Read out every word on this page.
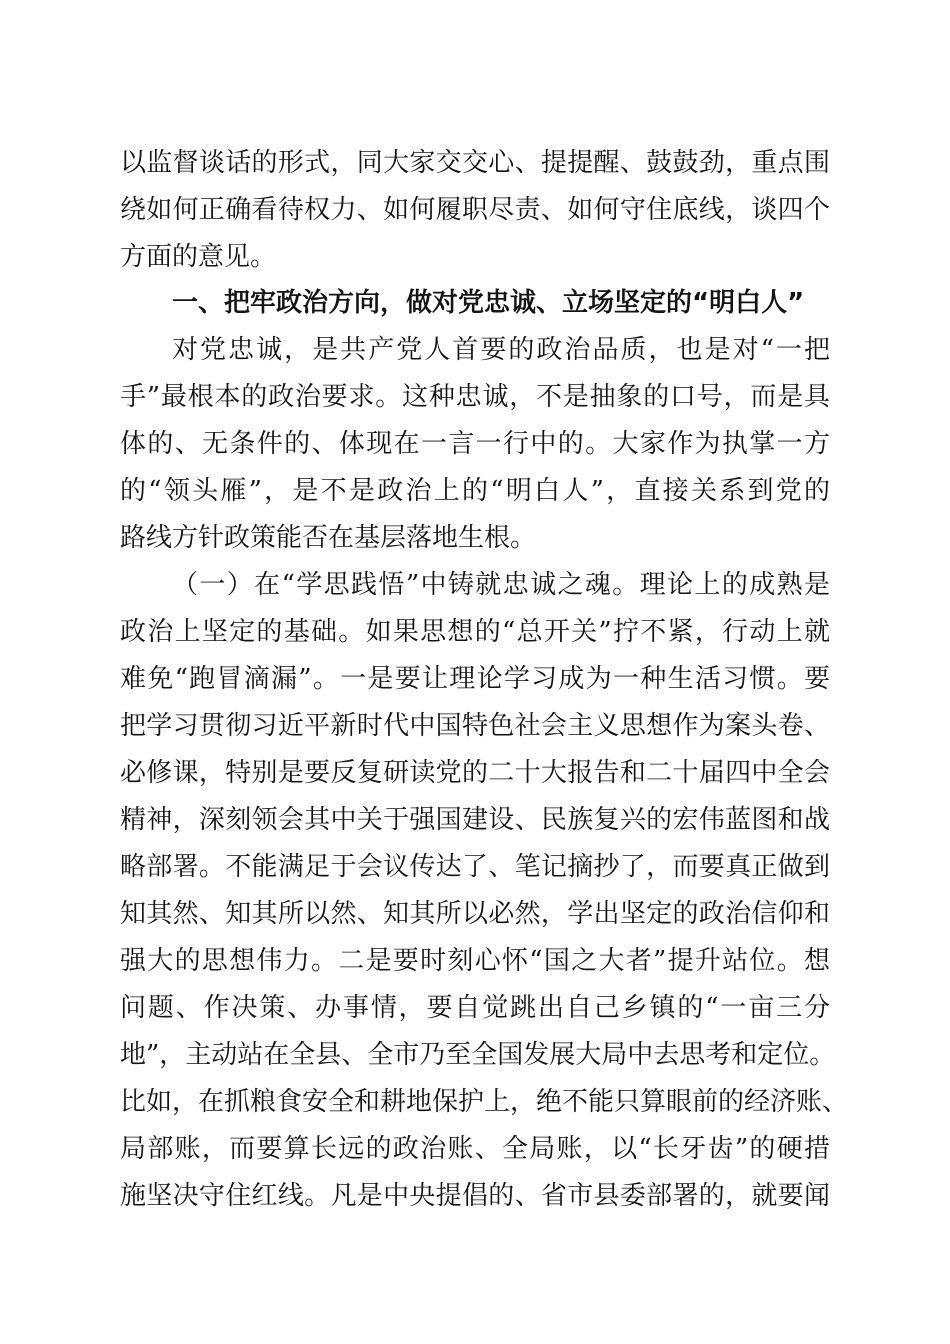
以监督谈话的形式，同大家交交心、提提醒、鼓鼓劲，重点围
绕如何正确看待权力、如何履职尽责、如何守住底线，谈四个
方面的意见。
一、把牢政治方向，做对党忠诚、立场坚定的“明白人”
对党忠诚，是共产党人首要的政治品质，也是对“一把
手”最根本的政治要求。这种忠诚，不是抽象的口号，而是具
体的、无条件的、体现在一言一行中的。大家作为执掌一方
的“领头雁”，是不是政治上的“明白人”，直接关系到党的
路线方针政策能否在基层落地生根。
（一）在“学思践悟”中铸就忠诚之魂。理论上的成熟是
政治上坚定的基础。如果思想的“总开关”拧不紧，行动上就
难免“跑冒滴漏”。一是要让理论学习成为一种生活习惯。要
把学习贯彻习近平新时代中国特色社会主义思想作为案头卷、
必修课，特别是要反复研读党的二十大报告和二十届四中全会
精神，深刻领会其中关于强国建设、民族复兴的宏伟蓝图和战
略部署。不能满足于会议传达了、笔记摘抄了，而要真正做到
知其然、知其所以然、知其所以必然，学出坚定的政治信仰和
强大的思想伟力。二是要时刻心怀“国之大者”提升站位。想
问题、作决策、办事情，要自觉跳出自己乡镇的“一亩三分
地”，主动站在全县、全市乃至全国发展大局中去思考和定位。
比如，在抓粮食安全和耕地保护上，绝不能只算眼前的经济账、
局部账，而要算长远的政治账、全局账，以“长牙齿”的硬措
施坚决守住红线。凡是中央提倡的、省市县委部署的，就要闻
